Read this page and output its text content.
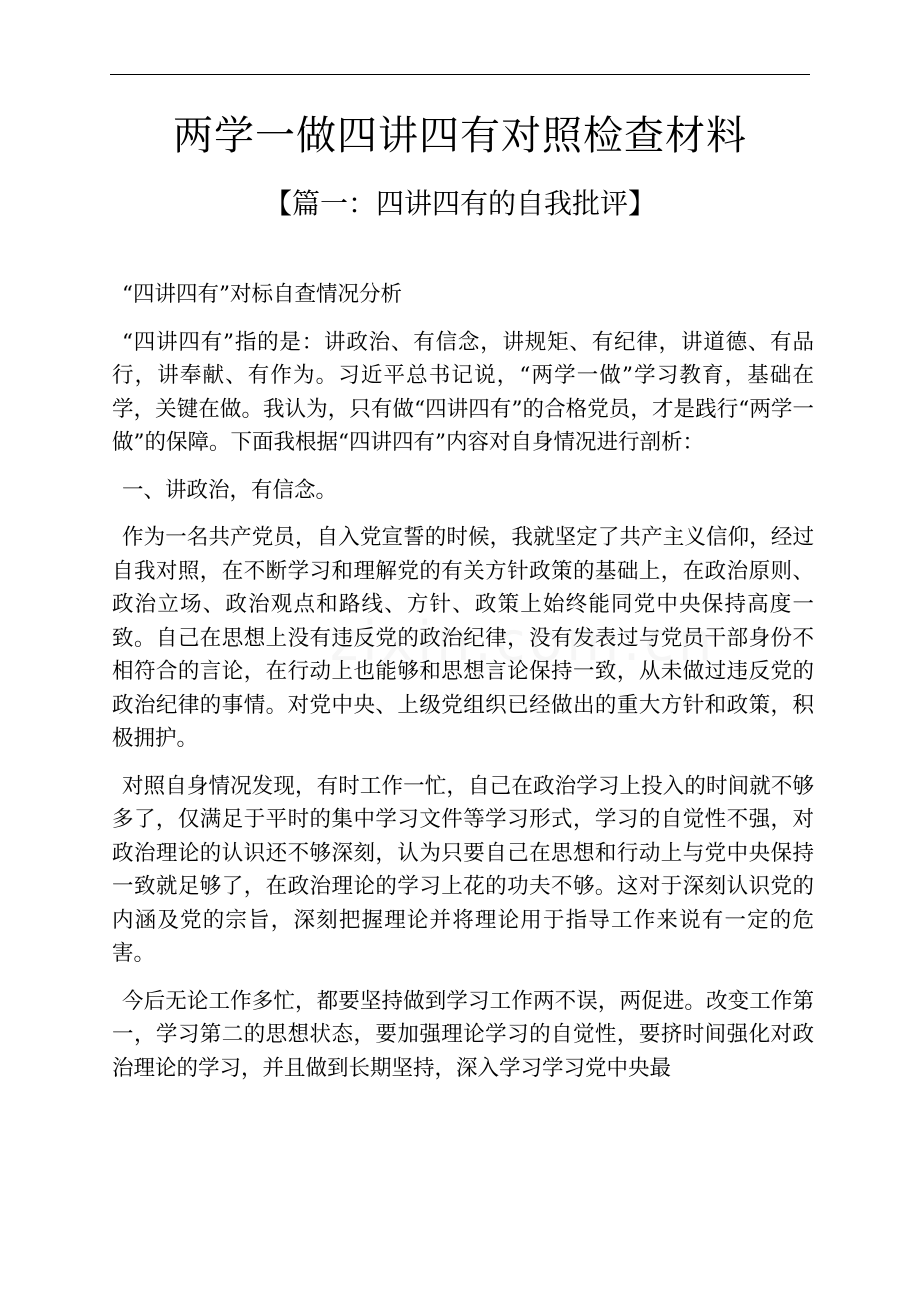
两学一做四讲四有对照检查材料
【篇一：四讲四有的自我批评】

“四讲四有”对标自查情况分析

“四讲四有”指的是：讲政治、有信念，讲规矩、有纪律，讲道德、有品行，讲奉献、有作为。习近平总书记说，“两学一做”学习教育，基础在学，关键在做。我认为，只有做“四讲四有”的合格党员，才是践行“两学一做”的保障。下面我根据“四讲四有”内容对自身情况进行剖析：

一、讲政治，有信念。

作为一名共产党员，自入党宣誓的时候，我就坚定了共产主义信仰，经过自我对照，在不断学习和理解党的有关方针政策的基础上，在政治原则、政治立场、政治观点和路线、方针、政策上始终能同党中央保持高度一致。自己在思想上没有违反党的政治纪律，没有发表过与党员干部身份不相符合的言论，在行动上也能够和思想言论保持一致，从未做过违反党的政治纪律的事情。对党中央、上级党组织已经做出的重大方针和政策，积极拥护。

对照自身情况发现，有时工作一忙，自己在政治学习上投入的时间就不够多了，仅满足于平时的集中学习文件等学习形式，学习的自觉性不强，对政治理论的认识还不够深刻，认为只要自己在思想和行动上与党中央保持一致就足够了，在政治理论的学习上花的功夫不够。这对于深刻认识党的内涵及党的宗旨，深刻把握理论并将理论用于指导工作来说有一定的危害。

今后无论工作多忙，都要坚持做到学习工作两不误，两促进。改变工作第一，学习第二的思想状态，要加强理论学习的自觉性，要挤时间强化对政治理论的学习，并且做到长期坚持，深入学习学习党中央最
